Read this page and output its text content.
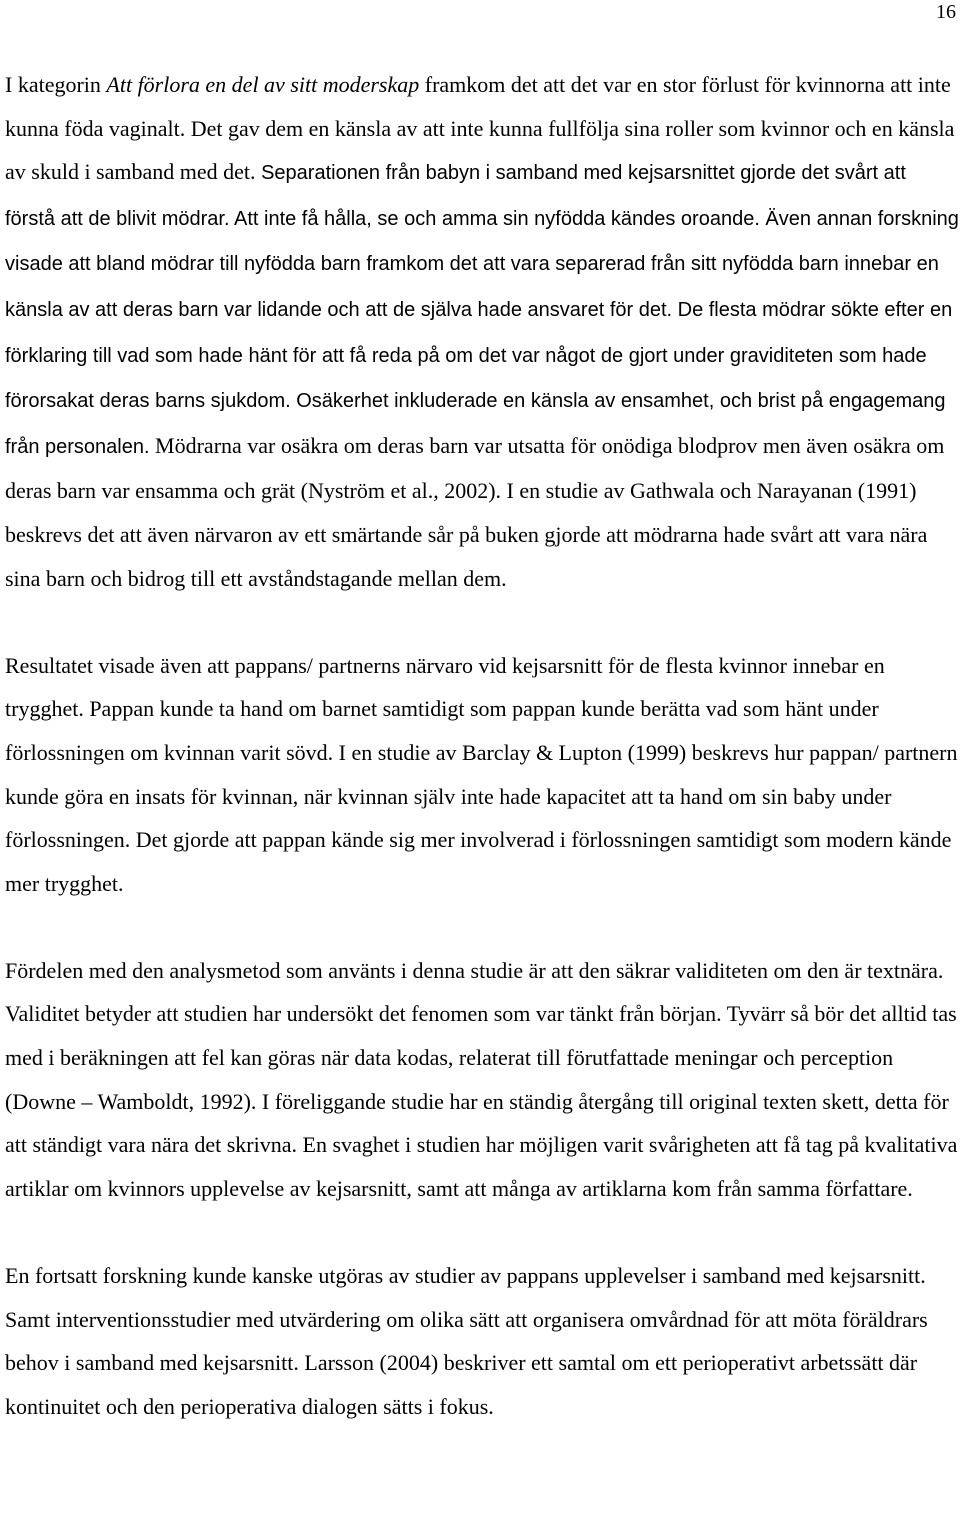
16

I kategorin Att förlora en del av sitt moderskap framkom det att det var en stor förlust för kvinnorna att inte kunna föda vaginalt. Det gav dem en känsla av att inte kunna fullfölja sina roller som kvinnor och en känsla av skuld i samband med det. Separationen från babyn i samband med kejsarsnittet gjorde det svårt att förstå att de blivit mödrar. Att inte få hålla, se och amma sin nyfödda kändes oroande. Även annan forskning visade att bland mödrar till nyfödda barn framkom det att vara separerad från sitt nyfödda barn innebar en känsla av att deras barn var lidande och att de själva hade ansvaret för det. De flesta mödrar sökte efter en förklaring till vad som hade hänt för att få reda på om det var något de gjort under graviditeten som hade förorsakat deras barns sjukdom. Osäkerhet inkluderade en känsla av ensamhet, och brist på engagemang från personalen. Mödrarna var osäkra om deras barn var utsatta för onödiga blodprov men även osäkra om deras barn var ensamma och grät (Nyström et al., 2002). I en studie av Gathwala och Narayanan (1991) beskrevs det att även närvaron av ett smärtande sår på buken gjorde att mödrarna hade svårt att vara nära sina barn och bidrog till ett avståndstagande mellan dem.

Resultatet visade även att pappans/ partnerns närvaro vid kejsarsnitt för de flesta kvinnor innebar en trygghet. Pappan kunde ta hand om barnet samtidigt som pappan kunde berätta vad som hänt under förlossningen om kvinnan varit sövd. I en studie av Barclay & Lupton (1999) beskrevs hur pappan/ partnern kunde göra en insats för kvinnan, när kvinnan själv inte hade kapacitet att ta hand om sin baby under förlossningen. Det gjorde att pappan kände sig mer involverad i förlossningen samtidigt som modern kände mer trygghet.

Fördelen med den analysmetod som använts i denna studie är att den säkrar validiteten om den är textnära. Validitet betyder att studien har undersökt det fenomen som var tänkt från början. Tyvärr så bör det alltid tas med i beräkningen att fel kan göras när data kodas, relaterat till förutfattade meningar och perception (Downe – Wamboldt, 1992). I föreliggande studie har en ständig återgång till original texten skett, detta för att ständigt vara nära det skrivna. En svaghet i studien har möjligen varit svårigheten att få tag på kvalitativa artiklar om kvinnors upplevelse av kejsarsnitt, samt att många av artiklarna kom från samma författare.

En fortsatt forskning kunde kanske utgöras av studier av pappans upplevelser i samband med kejsarsnitt. Samt interventionsstudier med utvärdering om olika sätt att organisera omvårdnad för att möta föräldrars behov i samband med kejsarsnitt. Larsson (2004) beskriver ett samtal om ett perioperativt arbetssätt där kontinuitet och den perioperativa dialogen sätts i fokus.
